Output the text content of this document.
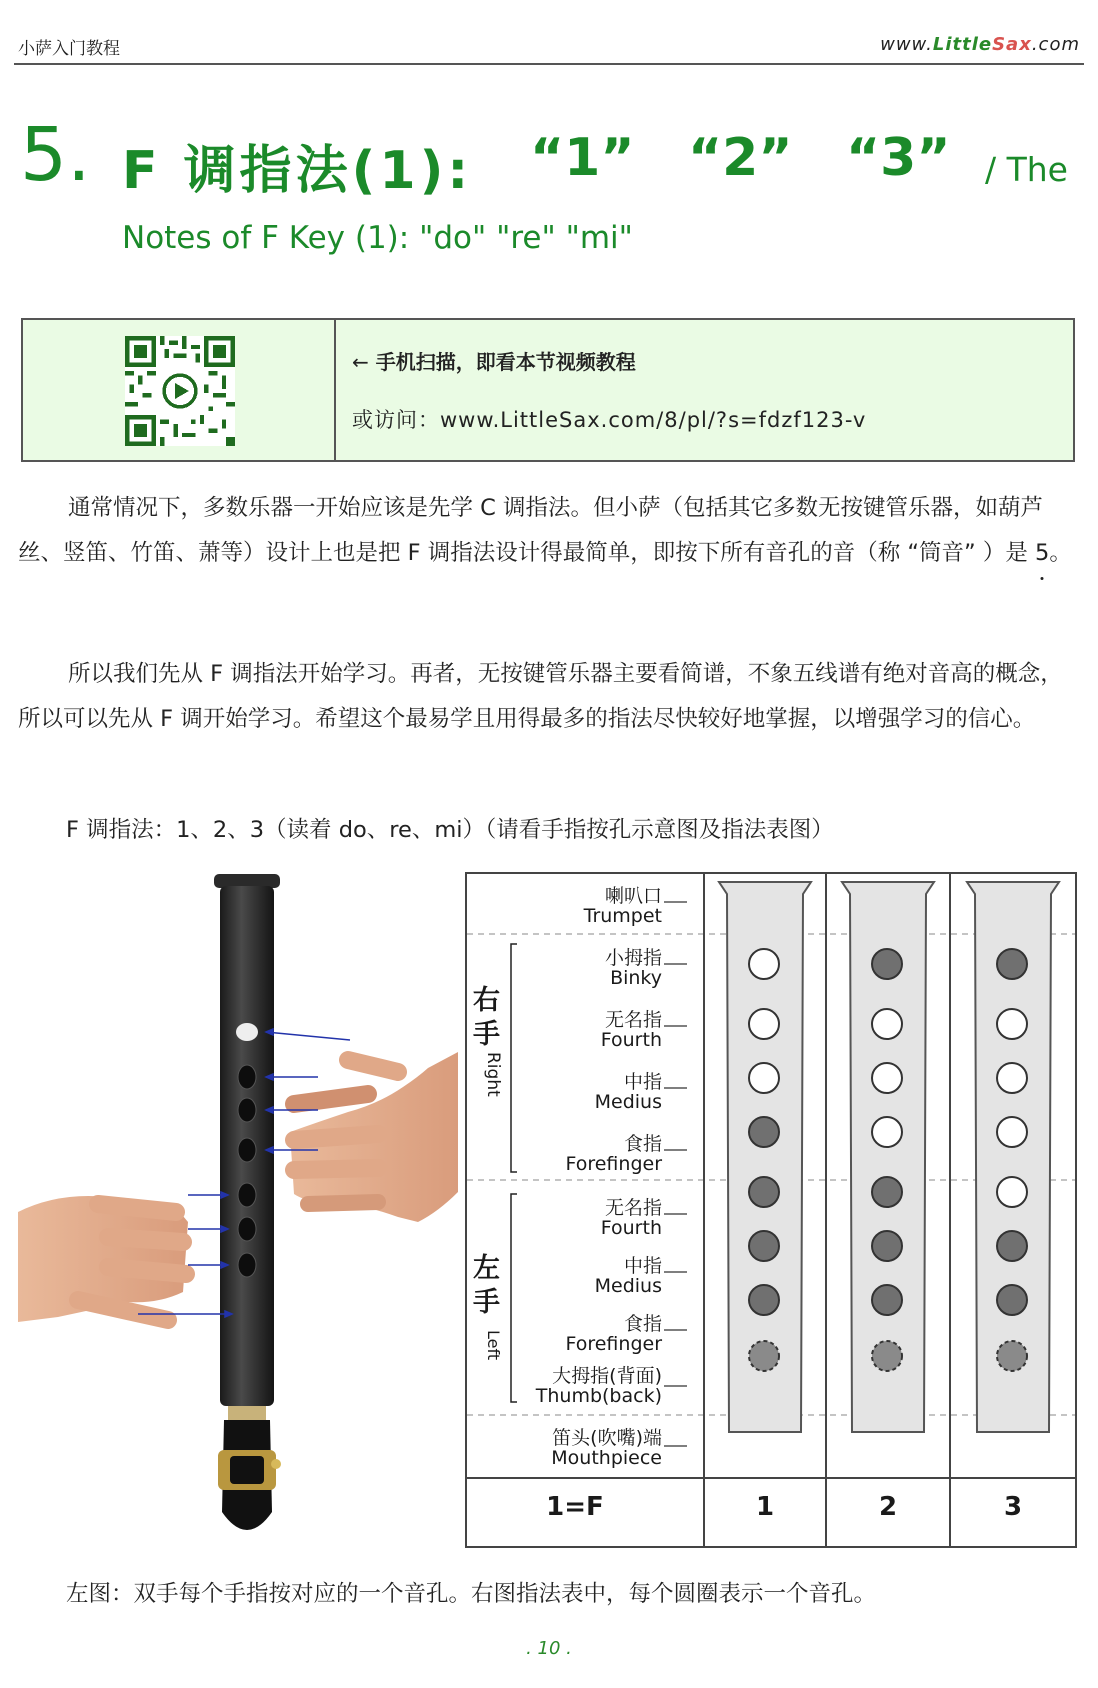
小萨入门教程	www.LittleSax.com
5. F 调指法(1): “1” “2” “3” / The
Notes of F Key (1): "do" "re" "mi"
← 手机扫描，即看本节视频教程
或访问：www.LittleSax.com/8/pl/?s=fdzf123-v
通常情况下，多数乐器一开始应该是先学 C 调指法。但小萨（包括其它多数无按键管乐器，如葫芦丝、竖笛、竹笛、萧等）设计上也是把 F 调指法设计得最简单，即按下所有音孔的音（称 “筒音” ）是 5。
所以我们先从 F 调指法开始学习。再者，无按键管乐器主要看简谱，不象五线谱有绝对音高的概念，所以可以先从 F 调开始学习。希望这个最易学且用得最多的指法尽快较好地掌握，以增强学习的信心。
F 调指法：1、2、3（读着 do、re、mi）（请看手指按孔示意图及指法表图）
右手
Right
左手
Left
1=F	1	2	3
喇叭口
Trumpet
小拇指
Binky
无名指
Fourth
中指
Medius
食指
Forefinger
无名指
Fourth
中指
Medius
食指
Forefinger
大拇指(背面)
Thumb(back)
笛头(吹嘴)端
Mouthpiece
左图：双手每个手指按对应的一个音孔。右图指法表中，每个圆圈表示一个音孔。
. 10 .
